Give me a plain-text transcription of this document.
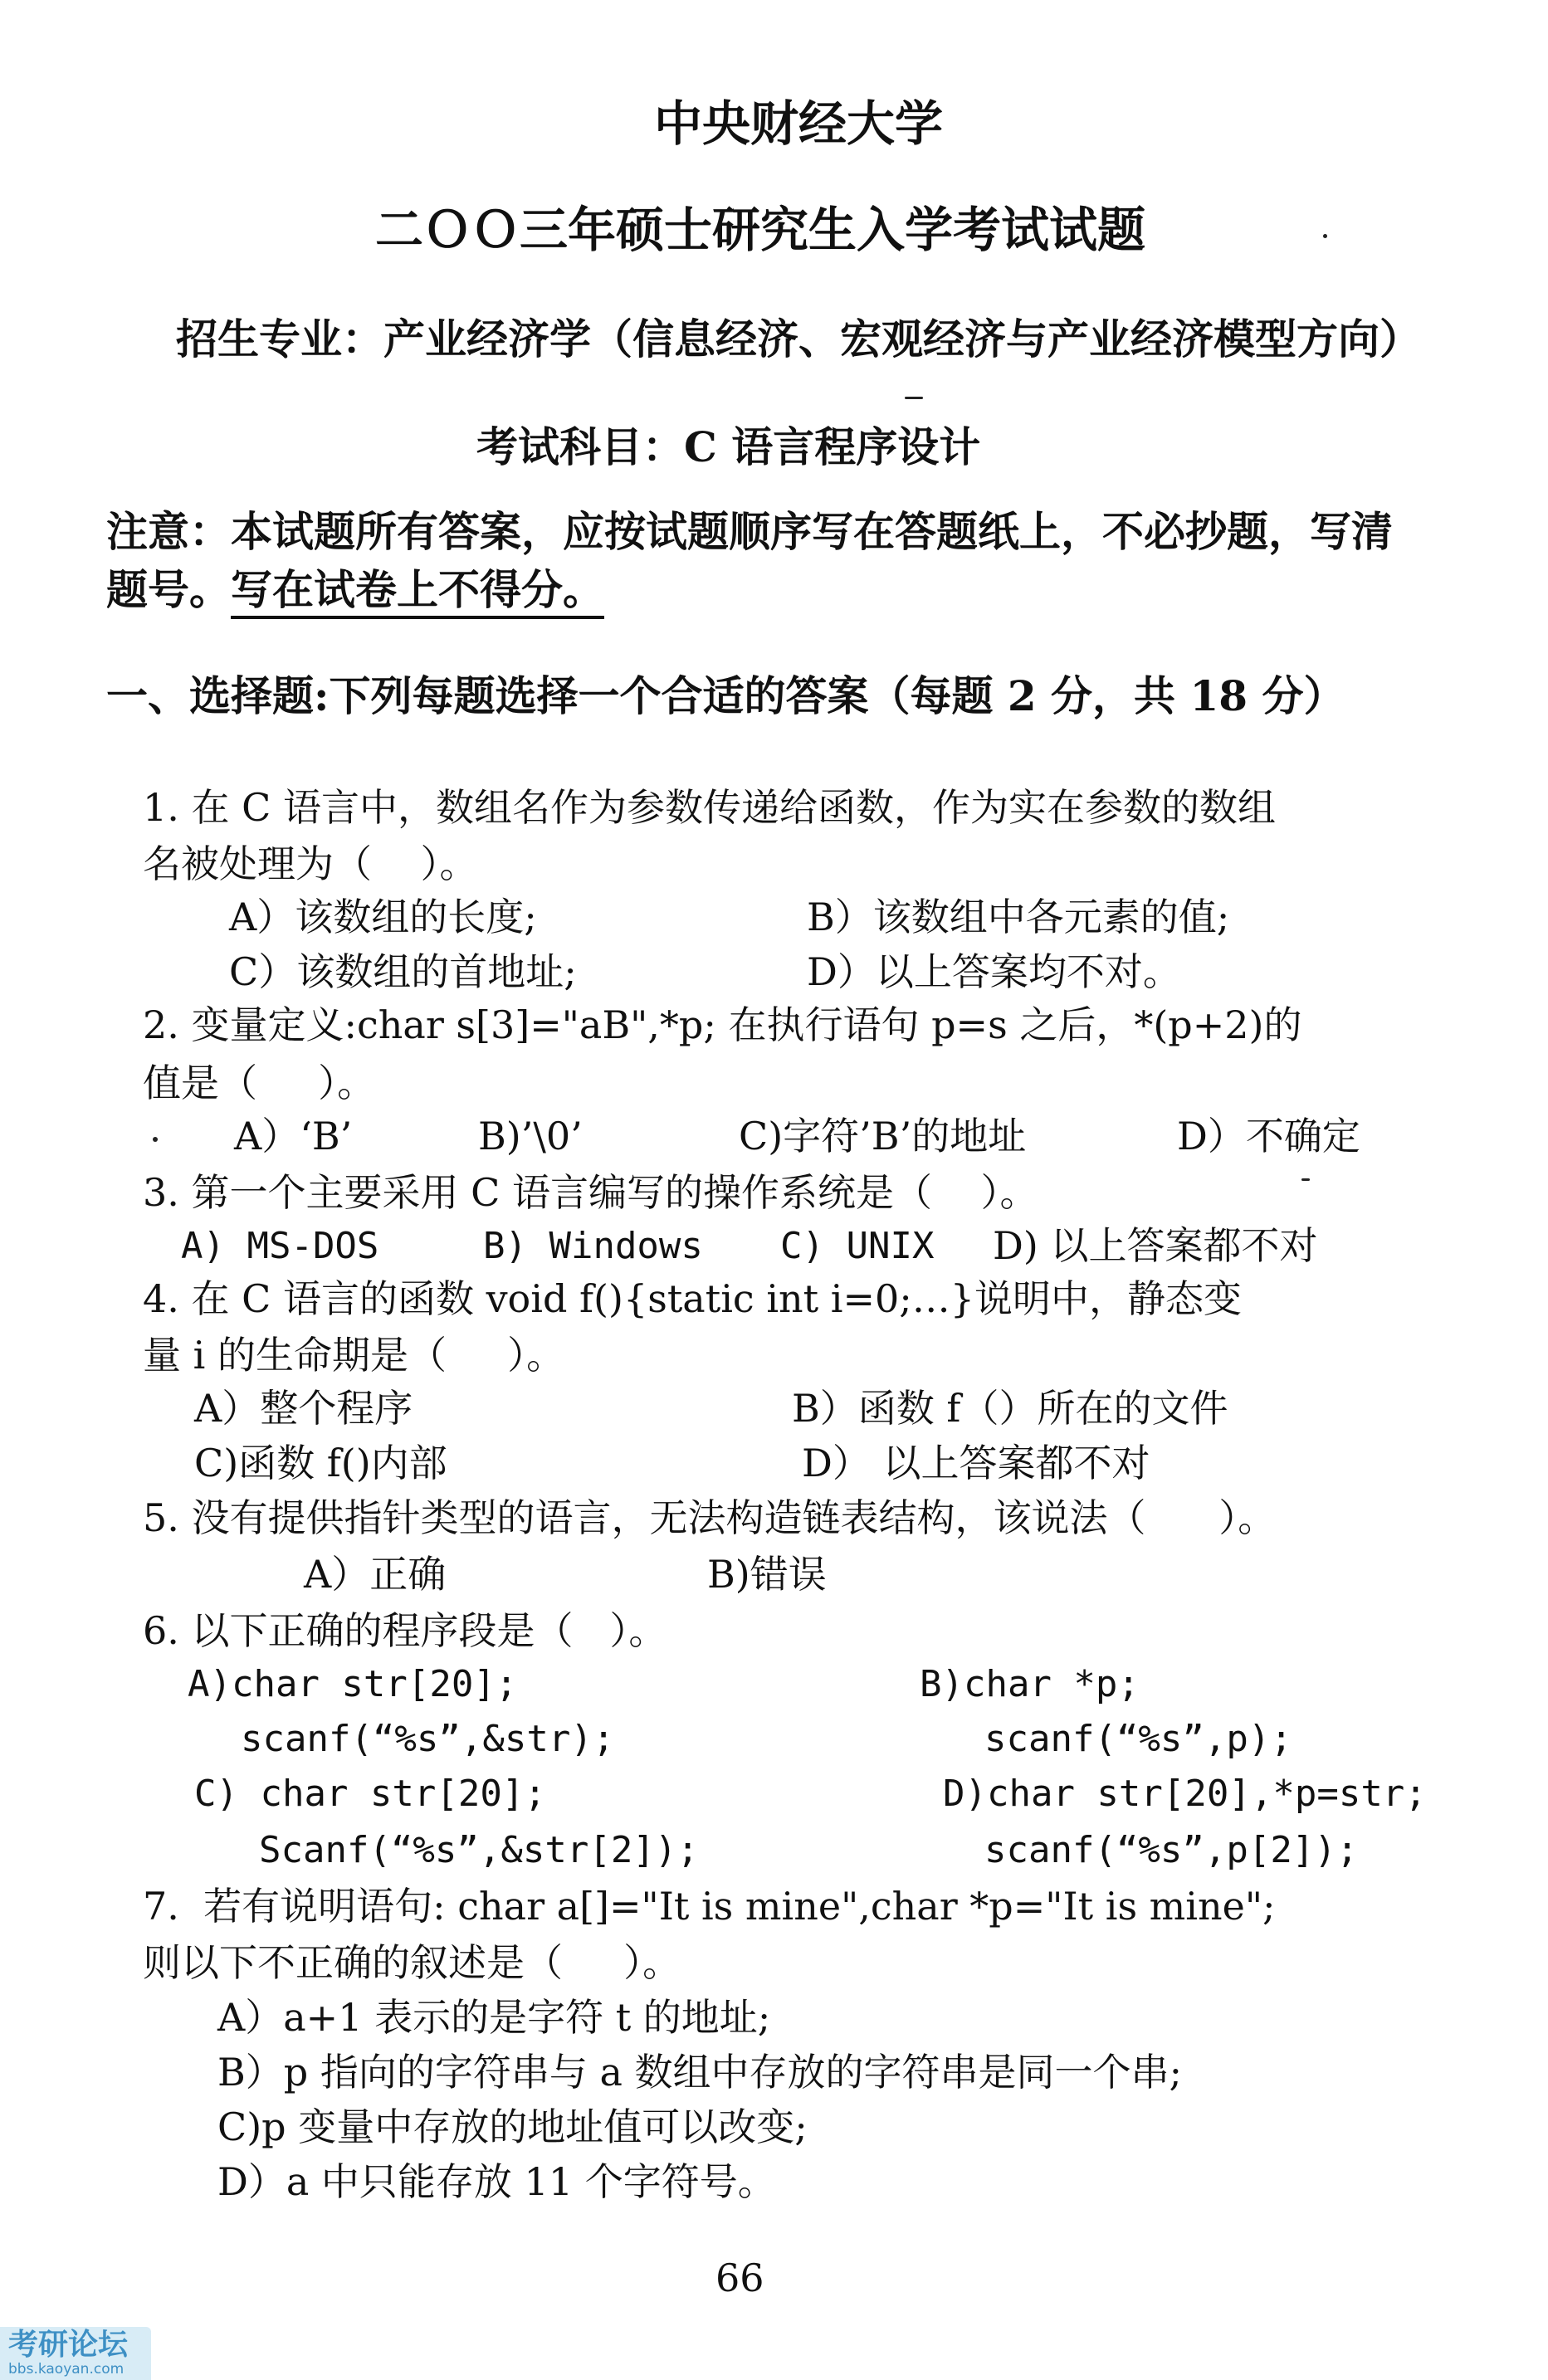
中央财经大学
二ＯＯ三年硕士研究生入学考试试题
招生专业：产业经济学（信息经济、宏观经济与产业经济模型方向）
考试科目：C 语言程序设计
注意：本试题所有答案，应按试题顺序写在答题纸上，不必抄题，写清
题号。写在试卷上不得分。
一、选择题:下列每题选择一个合适的答案（每题 2 分，共 18 分）
1. 在 C 语言中，数组名作为参数传递给函数，作为实在参数的数组
名被处理为（    ）。
A）该数组的长度;	B）该数组中各元素的值;
C）该数组的首地址;	D）以上答案均不对。
2. 变量定义:char s[3]="aB",*p; 在执行语句 p=s 之后，*(p+2)的
值是（     ）。
A）‘B’	B)’\0’	C)字符’B’的地址	D）不确定
3. 第一个主要采用 C 语言编写的操作系统是（    ）。
A) MS-DOS	B) Windows C) UNIX D) 以上答案都不对
4. 在 C 语言的函数 void f(){static int i=0;…}说明中，静态变
量 i 的生命期是（     ）。
A）整个程序	B）函数 f（）所在的文件
C)函数 f()内部	D） 以上答案都不对
5. 没有提供指针类型的语言，无法构造链表结构，该说法（      ）。
A）正确	B)错误
6. 以下正确的程序段是（   ）。
A)char str[20];
scanf(“%s”,&str);
B)char *p;
scanf(“%s”,p);
C) char str[20];
Scanf(“%s”,&str[2]);
D)char str[20],*p=str;
scanf(“%s”,p[2]);
7.  若有说明语句: char a[]="It is mine",char *p="It is mine";
则以下不正确的叙述是（     ）。
A）a+1 表示的是字符 t 的地址;
B）p 指向的字符串与 a 数组中存放的字符串是同一个串;
C)p 变量中存放的地址值可以改变;
D）a 中只能存放 11 个字符号。
66
考研论坛
bbs.kaoyan.com
